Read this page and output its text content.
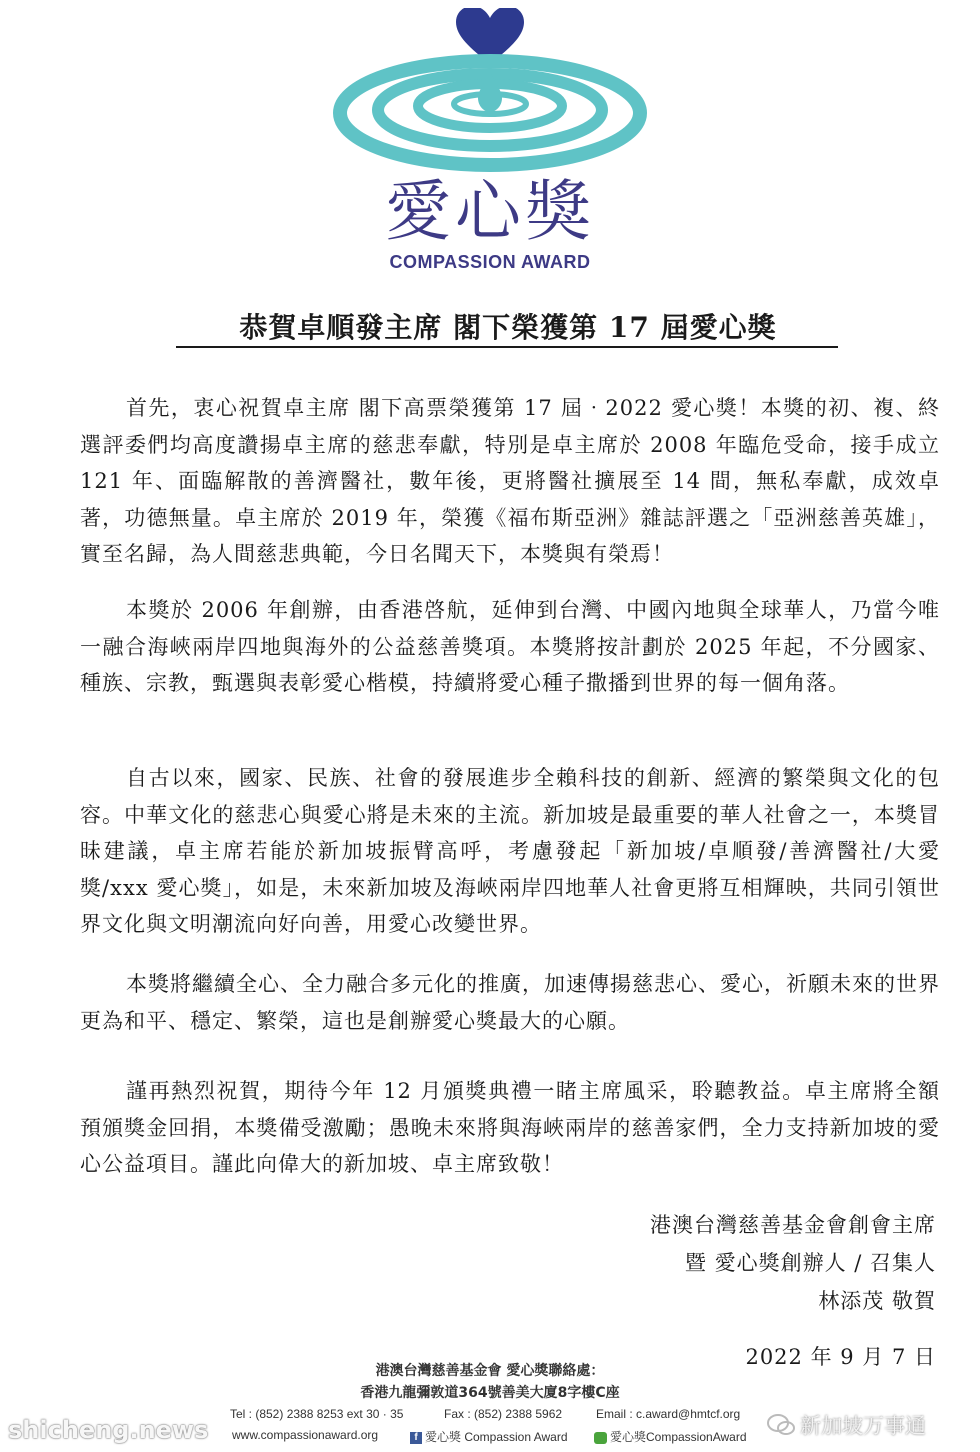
愛心獎
COMPASSION AWARD
恭賀卓順發主席 閣下榮獲第 17 屆愛心獎

首先，衷心祝賀卓主席 閣下高票榮獲第 17 屆‧2022 愛心獎！本獎的初、複、終選評委們均高度讚揚卓主席的慈悲奉獻，特別是卓主席於 2008 年臨危受命，接手成立 121 年、面臨解散的善濟醫社，數年後，更將醫社擴展至 14 間，無私奉獻，成效卓著，功德無量。卓主席於 2019 年，榮獲《福布斯亞洲》雜誌評選之「亞洲慈善英雄」，實至名歸，為人間慈悲典範，今日名聞天下，本獎與有榮焉！

本獎於 2006 年創辦，由香港啓航，延伸到台灣、中國內地與全球華人，乃當今唯一融合海峽兩岸四地與海外的公益慈善獎項。本獎將按計劃於 2025 年起，不分國家、種族、宗教，甄選與表彰愛心楷模，持續將愛心種子撒播到世界的每一個角落。

自古以來，國家、民族、社會的發展進步全賴科技的創新、經濟的繁榮與文化的包容。中華文化的慈悲心與愛心將是未來的主流。新加坡是最重要的華人社會之一，本獎冒昧建議，卓主席若能於新加坡振臂高呼，考慮發起「新加坡/卓順發/善濟醫社/大愛獎/xxx 愛心獎」，如是，未來新加坡及海峽兩岸四地華人社會更將互相輝映，共同引領世界文化與文明潮流向好向善，用愛心改變世界。

本獎將繼續全心、全力融合多元化的推廣，加速傳揚慈悲心、愛心，祈願未來的世界更為和平、穩定、繁榮，這也是創辦愛心獎最大的心願。

謹再熱烈祝賀，期待今年 12 月頒獎典禮一睹主席風采，聆聽教益。卓主席將全額預頒獎金回捐，本獎備受激勵；愚晚未來將與海峽兩岸的慈善家們，全力支持新加坡的愛心公益項目。謹此向偉大的新加坡、卓主席致敬！

港澳台灣慈善基金會創會主席
暨 愛心獎創辦人 / 召集人
林添茂 敬賀
2022 年 9 月 7 日
港澳台灣慈善基金會 愛心獎聯絡處：
香港九龍彌敦道364號善美大廈8字樓C座
Tel : (852) 2388 8253 ext 30 · 35	Fax : (852) 2388 5962	Email : c.award@hmtcf.org
www.compassionaward.org	f 愛心獎 Compassion Award	愛心獎CompassionAward
shicheng.news	新加坡万事通
